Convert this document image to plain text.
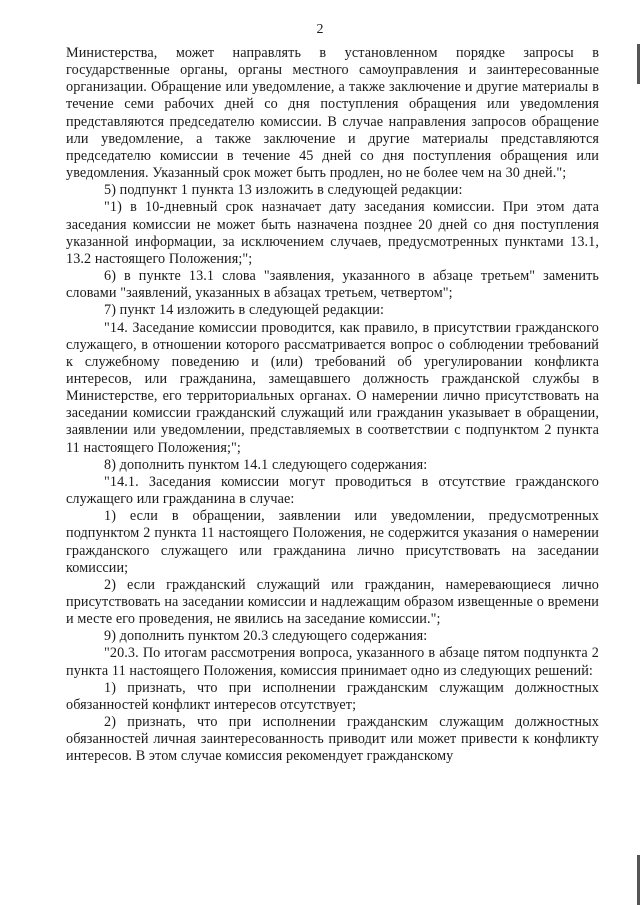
2

Министерства, может направлять в установленном порядке запросы в государственные органы, органы местного самоуправления и заинтересованные организации. Обращение или уведомление, а также заключение и другие материалы в течение семи рабочих дней со дня поступления обращения или уведомления представляются председателю комиссии. В случае направления запросов обращение или уведомление, а также заключение и другие материалы представляются председателю комиссии в течение 45 дней со дня поступления обращения или уведомления. Указанный срок может быть продлен, но не более чем на 30 дней.";

5) подпункт 1 пункта 13 изложить в следующей редакции:

"1) в 10-дневный срок назначает дату заседания комиссии. При этом дата заседания комиссии не может быть назначена позднее 20 дней со дня поступления указанной информации, за исключением случаев, предусмотренных пунктами 13.1, 13.2 настоящего Положения;";

6) в пункте 13.1 слова "заявления, указанного в абзаце третьем" заменить словами "заявлений, указанных в абзацах третьем, четвертом";

7) пункт 14 изложить в следующей редакции:

"14. Заседание комиссии проводится, как правило, в присутствии гражданского служащего, в отношении которого рассматривается вопрос о соблюдении требований к служебному поведению и (или) требований об урегулировании конфликта интересов, или гражданина, замещавшего должность гражданской службы в Министерстве, его территориальных органах. О намерении лично присутствовать на заседании комиссии гражданский служащий или гражданин указывает в обращении, заявлении или уведомлении, представляемых в соответствии с подпунктом 2 пункта 11 настоящего Положения;";

8) дополнить пунктом 14.1 следующего содержания:

"14.1. Заседания комиссии могут проводиться в отсутствие гражданского служащего или гражданина в случае:

1) если в обращении, заявлении или уведомлении, предусмотренных подпунктом 2 пункта 11 настоящего Положения, не содержится указания о намерении гражданского служащего или гражданина лично присутствовать на заседании комиссии;

2) если гражданский служащий или гражданин, намеревающиеся лично присутствовать на заседании комиссии и надлежащим образом извещенные о времени и месте его проведения, не явились на заседание комиссии.";

9) дополнить пунктом 20.3 следующего содержания:

"20.3. По итогам рассмотрения вопроса, указанного в абзаце пятом подпункта 2 пункта 11 настоящего Положения, комиссия принимает одно из следующих решений:

1) признать, что при исполнении гражданским служащим должностных обязанностей конфликт интересов отсутствует;

2) признать, что при исполнении гражданским служащим должностных обязанностей личная заинтересованность приводит или может привести к конфликту интересов. В этом случае комиссия рекомендует гражданскому
